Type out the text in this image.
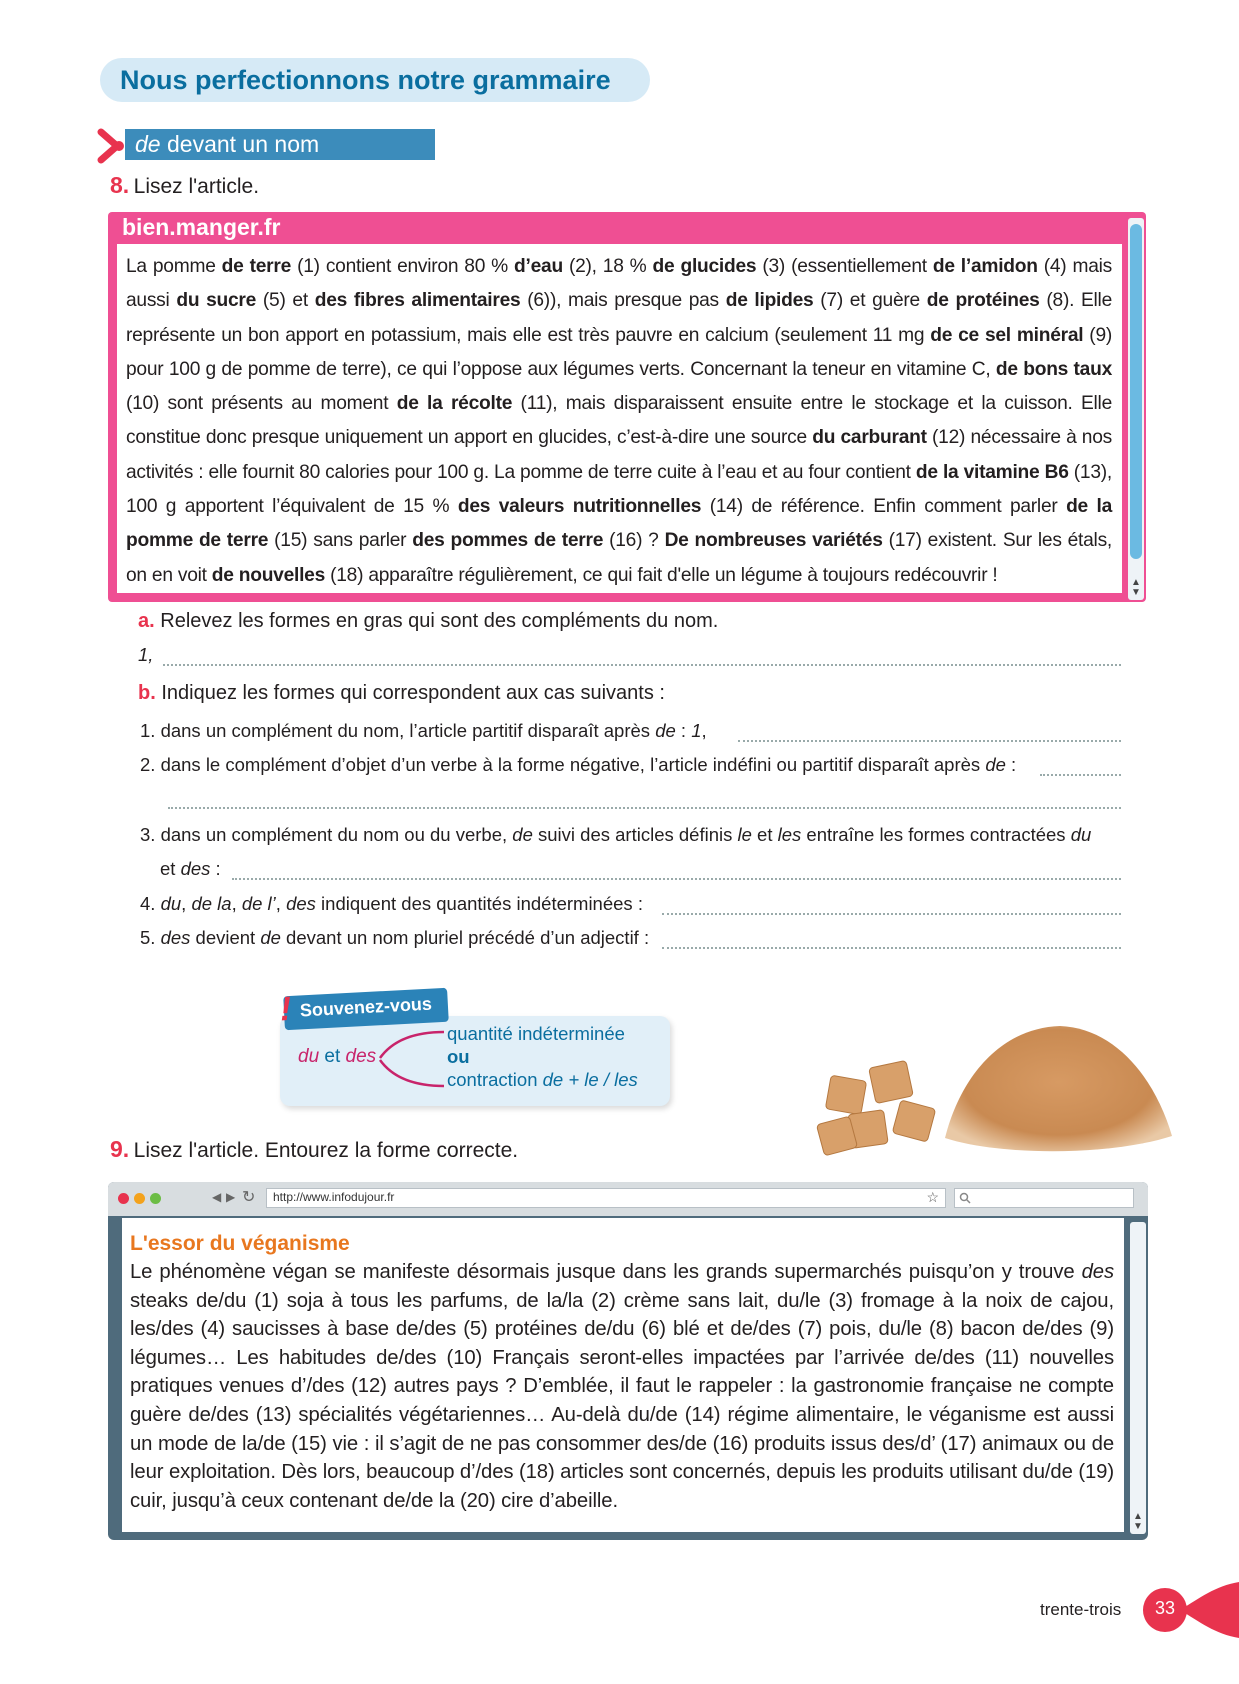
Nous perfectionnons notre grammaire
de devant un nom
8. Lisez l'article.
bien.manger.fr
La pomme de terre (1) contient environ 80 % d’eau (2), 18 % de glucides (3) (essentiellement de l’amidon (4) mais aussi du sucre (5) et des fibres alimentaires (6)), mais presque pas de lipides (7) et guère de protéines (8). Elle représente un bon apport en potassium, mais elle est très pauvre en calcium (seulement 11 mg de ce sel minéral (9) pour 100 g de pomme de terre), ce qui l’oppose aux légumes verts. Concernant la teneur en vitamine C, de bons taux (10) sont présents au moment de la récolte (11), mais disparaissent ensuite entre le stockage et la cuisson. Elle constitue donc presque uniquement un apport en glucides, c’est-à-dire une source du carburant (12) nécessaire à nos activités : elle fournit 80 calories pour 100 g. La pomme de terre cuite à l’eau et au four contient de la vitamine B6 (13), 100 g apportent l’équivalent de 15 % des valeurs nutritionnelles (14) de référence. Enfin comment parler de la pomme de terre (15) sans parler des pommes de terre (16) ? De nombreuses variétés (17) existent. Sur les étals, on en voit de nouvelles (18) apparaître régulièrement, ce qui fait d'elle un légume à toujours redécouvrir !	▲
▼
a. Relevez les formes en gras qui sont des compléments du nom.
1,
b. Indiquez les formes qui correspondent aux cas suivants :
1. dans un complément du nom, l’article partitif disparaît après de : 1,
2. dans le complément d’objet d’un verbe à la forme négative, l’article indéfini ou partitif disparaît après de :
3. dans un complément du nom ou du verbe, de suivi des articles définis le et les entraîne les formes contractées du
et des :
4. du, de la, de l’, des indiquent des quantités indéterminées :
5. des devient de devant un nom pluriel précédé d’un adjectif :
! Souvenez-vous
du et des
quantité indéterminée
ou
contraction de + le / les
9. Lisez l'article. Entourez la forme correcte.
◀ ▶ ↻ http://www.infodujour.fr	☆
L'essor du véganisme
Le phénomène végan se manifeste désormais jusque dans les grands supermarchés puisqu’on y trouve des steaks de/du (1) soja à tous les parfums, de la/la (2) crème sans lait, du/le (3) fromage à la noix de cajou, les/des (4) saucisses à base de/des (5) protéines de/du (6) blé et de/des (7) pois, du/le (8) bacon de/des (9) légumes… Les habitudes de/des (10) Français seront-elles impactées par l’arrivée de/des (11) nouvelles pratiques venues d’/des (12) autres pays ? D’emblée, il faut le rappeler : la gastronomie française ne compte guère de/des (13) spécialités végétariennes… Au-delà du/de (14) régime alimentaire, le véganisme est aussi un mode de la/de (15) vie : il s’agit de ne pas consommer des/de (16) produits issus des/d’ (17) animaux ou de leur exploitation. Dès lors, beaucoup d’/des (18) articles sont concernés, depuis les produits utilisant du/de (19) cuir, jusqu’à ceux contenant de/de la (20) cire d’abeille.
▲
▼
trente-trois	33
